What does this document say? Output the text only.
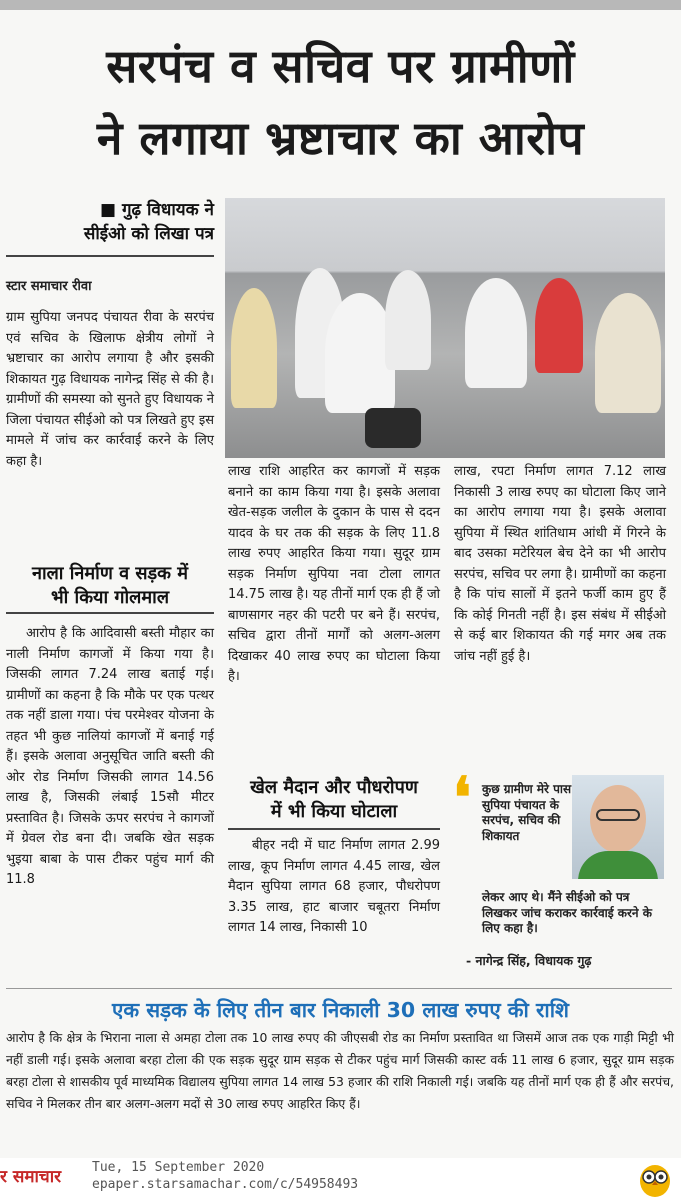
सरपंच व सचिव पर ग्रामीणों
ने लगाया भ्रष्टाचार का आरोप
■ गुढ़ विधायक ने
सीईओ को लिखा पत्र
स्टार समाचार रीवा
ग्राम सुपिया जनपद पंचायत रीवा के सरपंच एवं सचिव के खिलाफ क्षेत्रीय लोगों ने भ्रष्टाचार का आरोप लगाया है और इसकी शिकायत गुढ़ विधायक नागेन्द्र सिंह से की है। ग्रामीणों की समस्या को सुनते हुए विधायक ने जिला पंचायत सीईओ को पत्र लिखते हुए इस मामले में जांच कर कार्रवाई करने के लिए कहा है।
नाला निर्माण व सड़क में
भी किया गोलमाल
आरोप है कि आदिवासी बस्ती मौहार का नाली निर्माण कागजों में किया गया है। जिसकी लागत 7.24 लाख बताई गई। ग्रामीणों का कहना है कि मौके पर एक पत्थर तक नहीं डाला गया। पंच परमेश्वर योजना के तहत भी कुछ नालियां कागजों में बनाई गई हैं। इसके अलावा अनुसूचित जाति बस्ती की ओर रोड निर्माण जिसकी लागत 14.56 लाख है, जिसकी लंबाई 15सौ मीटर प्रस्तावित है। जिसके ऊपर सरपंच ने कागजों में ग्रेवल रोड बना दी। जबकि खेत सड़क भुइया बाबा के पास टीकर पहुंच मार्ग की 11.8
लाख राशि आहरित कर कागजों में सड़क बनाने का काम किया गया है। इसके अलावा खेत-सड़क जलील के दुकान के पास से ददन यादव के घर तक की सड़क के लिए 11.8 लाख रुपए आहरित किया गया। सुदूर ग्राम सड़क निर्माण सुपिया नवा टोला लागत 14.75 लाख है। यह तीनों मार्ग एक ही हैं जो बाणसागर नहर की पटरी पर बने हैं। सरपंच, सचिव द्वारा तीनों मार्गों को अलग-अलग दिखाकर 40 लाख रुपए का घोटाला किया है।
खेल मैदान और पौधरोपण
में भी किया घोटाला
बीहर नदी में घाट निर्माण लागत 2.99 लाख, कूप निर्माण लागत 4.45 लाख, खेल मैदान सुपिया लागत 68 हजार, पौधरोपण 3.35 लाख, हाट बाजार चबूतरा निर्माण लागत 14 लाख, निकासी 10
लाख, रपटा निर्माण लागत 7.12 लाख निकासी 3 लाख रुपए का घोटाला किए जाने का आरोप लगाया गया है। इसके अलावा सुपिया में स्थित शांतिधाम आंधी में गिरने के बाद उसका मटेरियल बेच देने का भी आरोप सरपंच, सचिव पर लगा है। ग्रामीणों का कहना है कि पांच सालों में इतने फर्जी काम हुए हैं कि कोई गिनती नहीं है। इस संबंध में सीईओ से कई बार शिकायत की गई मगर अब तक जांच नहीं हुई है।
❛ कुछ ग्रामीण मेरे पास सुपिया पंचायत के सरपंच, सचिव की शिकायत
लेकर आए थे। मैंने सीईओ को पत्र लिखकर जांच कराकर कार्रवाई करने के लिए कहा है।
- नागेन्द्र सिंह, विधायक गुढ़
एक सड़क के लिए तीन बार निकाली 30 लाख रुपए की राशि
आरोप है कि क्षेत्र के भिराना नाला से अमहा टोला तक 10 लाख रुपए की जीएसबी रोड का निर्माण प्रस्तावित था जिसमें आज तक एक गाड़ी मिट्टी भी नहीं डाली गई। इसके अलावा बरहा टोला की एक सड़क सुदूर ग्राम सड़क से टीकर पहुंच मार्ग जिसकी कास्ट वर्क 11 लाख 6 हजार, सुदूर ग्राम सड़क बरहा टोला से शासकीय पूर्व माध्यमिक विद्यालय सुपिया लागत 14 लाख 53 हजार की राशि निकाली गई। जबकि यह तीनों मार्ग एक ही हैं और सरपंच, सचिव ने मिलकर तीन बार अलग-अलग मदों से 30 लाख रुपए आहरित किए हैं।
र समाचार Tue, 15 September 2020
epaper.starsamachar.com/c/54958493
